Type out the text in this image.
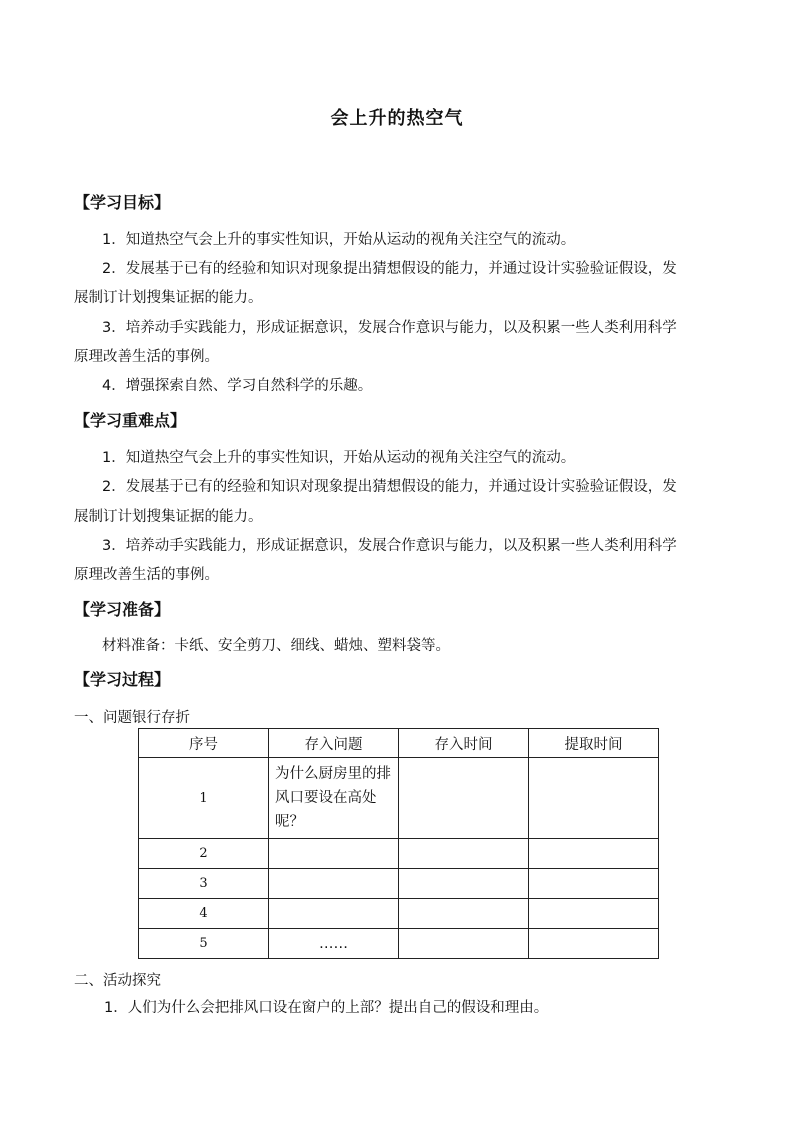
会上升的热空气
【学习目标】
1．知道热空气会上升的事实性知识，开始从运动的视角关注空气的流动。
2．发展基于已有的经验和知识对现象提出猜想假设的能力，并通过设计实验验证假设，发
展制订计划搜集证据的能力。
3．培养动手实践能力，形成证据意识，发展合作意识与能力，以及积累一些人类利用科学
原理改善生活的事例。
4．增强探索自然、学习自然科学的乐趣。
【学习重难点】
1．知道热空气会上升的事实性知识，开始从运动的视角关注空气的流动。
2．发展基于已有的经验和知识对现象提出猜想假设的能力，并通过设计实验验证假设，发
展制订计划搜集证据的能力。
3．培养动手实践能力，形成证据意识，发展合作意识与能力，以及积累一些人类利用科学
原理改善生活的事例。
【学习准备】
材料准备：卡纸、安全剪刀、细线、蜡烛、塑料袋等。
【学习过程】
一、问题银行存折
序号	存入问题	存入时间	提取时间
1	为什么厨房里的排风口要设在高处呢？		
2			
3			
4			
5	……		
二、活动探究
1．人们为什么会把排风口设在窗户的上部？提出自己的假设和理由。
